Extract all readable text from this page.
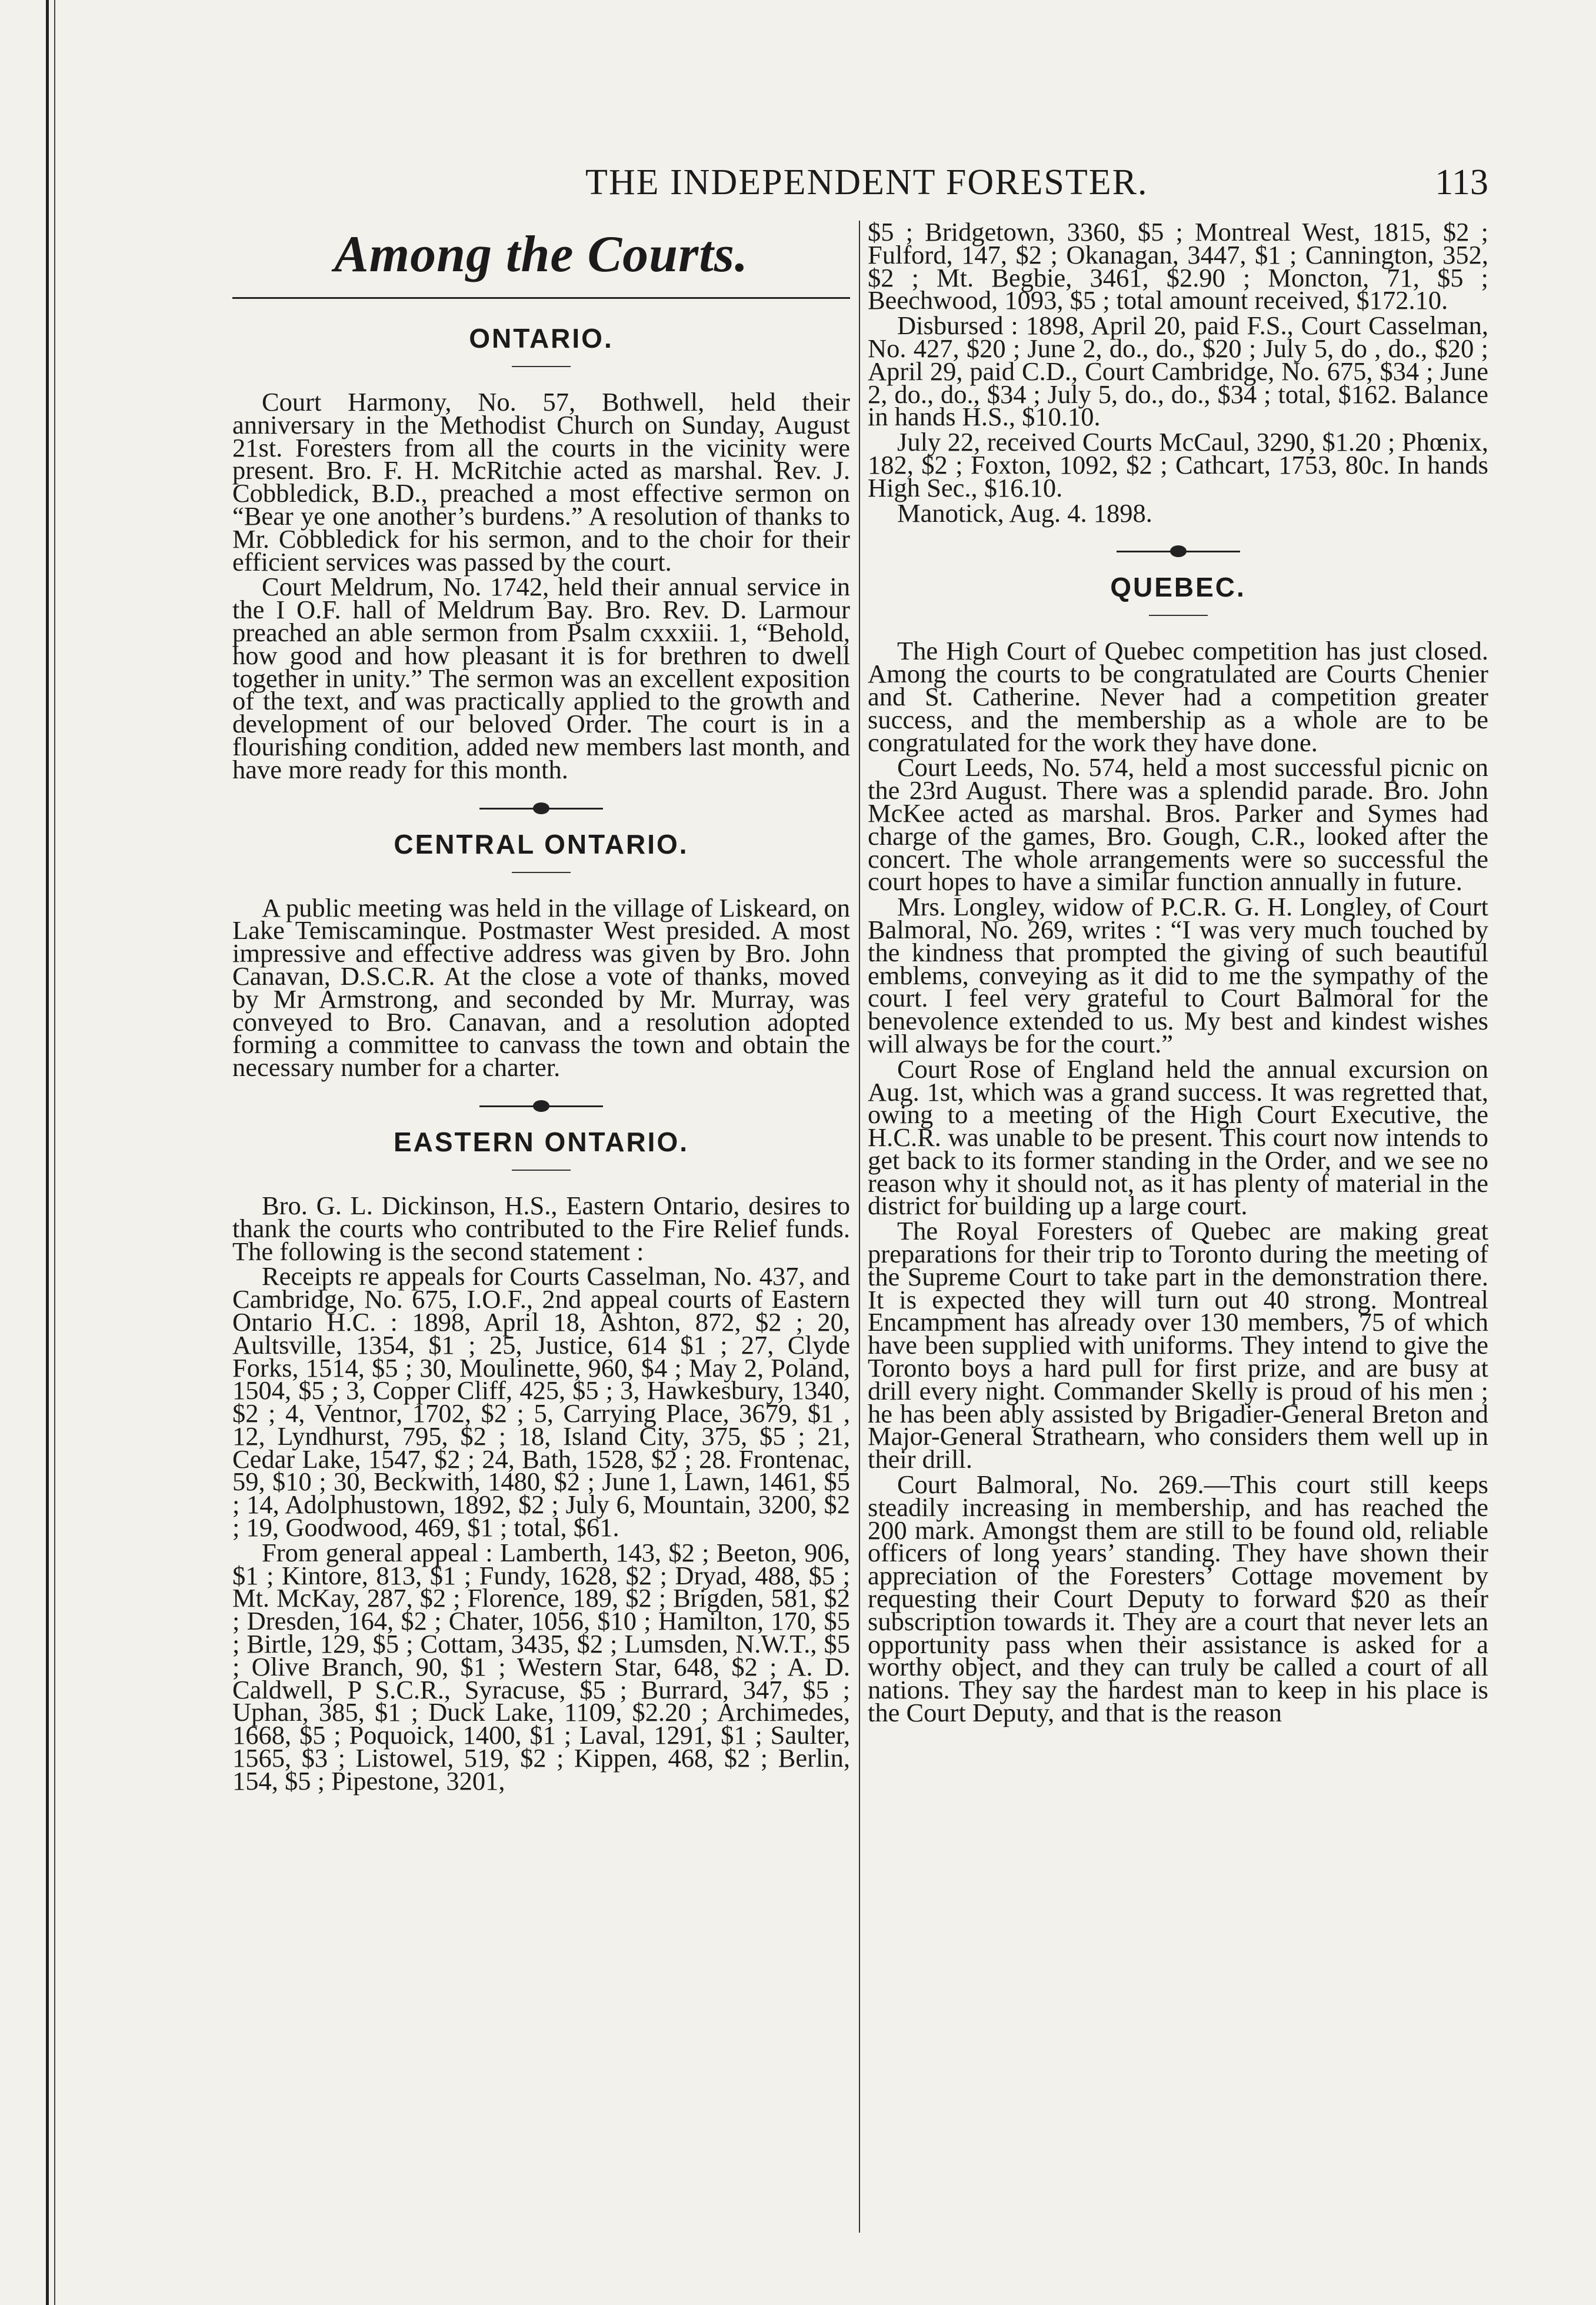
THE INDEPENDENT FORESTER.	113
Among the Courts.
ONTARIO.

Court Harmony, No. 57, Bothwell, held their anniversary in the Methodist Church on Sunday, August 21st. Foresters from all the courts in the vicinity were present. Bro. F. H. McRitchie acted as marshal. Rev. J. Cobbledick, B.D., preached a most effective sermon on “Bear ye one another’s burdens.” A resolution of thanks to Mr. Cobbledick for his sermon, and to the choir for their efficient services was passed by the court.

Court Meldrum, No. 1742, held their annual service in the I O.F. hall of Meldrum Bay. Bro. Rev. D. Larmour preached an able sermon from Psalm cxxxiii. 1, “Behold, how good and how pleasant it is for brethren to dwell together in unity.” The sermon was an excellent exposition of the text, and was practically applied to the growth and development of our beloved Order. The court is in a flourishing condition, added new members last month, and have more ready for this month.

CENTRAL ONTARIO.

A public meeting was held in the village of Liskeard, on Lake Temiscaminque. Postmaster West presided. A most impressive and effective address was given by Bro. John Canavan, D.S.C.R. At the close a vote of thanks, moved by Mr Armstrong, and seconded by Mr. Murray, was conveyed to Bro. Canavan, and a resolution adopted forming a committee to canvass the town and obtain the necessary number for a charter.

EASTERN ONTARIO.

Bro. G. L. Dickinson, H.S., Eastern Ontario, desires to thank the courts who contributed to the Fire Relief funds. The following is the second statement :

Receipts re appeals for Courts Casselman, No. 437, and Cambridge, No. 675, I.O.F., 2nd appeal courts of Eastern Ontario H.C. : 1898, April 18, Ashton, 872, $2 ; 20, Aultsville, 1354, $1 ; 25, Justice, 614 $1 ; 27, Clyde Forks, 1514, $5 ; 30, Moulinette, 960, $4 ; May 2, Poland, 1504, $5 ; 3, Copper Cliff, 425, $5 ; 3, Hawkesbury, 1340, $2 ; 4, Ventnor, 1702, $2 ; 5, Carrying Place, 3679, $1 , 12, Lyndhurst, 795, $2 ; 18, Island City, 375, $5 ; 21, Cedar Lake, 1547, $2 ; 24, Bath, 1528, $2 ; 28. Frontenac, 59, $10 ; 30, Beckwith, 1480, $2 ; June 1, Lawn, 1461, $5 ; 14, Adolphustown, 1892, $2 ; July 6, Mountain, 3200, $2 ; 19, Goodwood, 469, $1 ; total, $61.

From general appeal : Lamberth, 143, $2 ; Beeton, 906, $1 ; Kintore, 813, $1 ; Fundy, 1628, $2 ; Dryad, 488, $5 ; Mt. McKay, 287, $2 ; Florence, 189, $2 ; Brigden, 581, $2 ; Dresden, 164, $2 ; Chater, 1056, $10 ; Hamilton, 170, $5 ; Birtle, 129, $5 ; Cottam, 3435, $2 ; Lumsden, N.W.T., $5 ; Olive Branch, 90, $1 ; Western Star, 648, $2 ; A. D. Caldwell, P S.C.R., Syracuse, $5 ; Burrard, 347, $5 ; Uphan, 385, $1 ; Duck Lake, 1109, $2.20 ; Archimedes, 1668, $5 ; Poquoick, 1400, $1 ; Laval, 1291, $1 ; Saulter, 1565, $3 ; Listowel, 519, $2 ; Kippen, 468, $2 ; Berlin, 154, $5 ; Pipestone, 3201,

$5 ; Bridgetown, 3360, $5 ; Montreal West, 1815, $2 ; Fulford, 147, $2 ; Okanagan, 3447, $1 ; Cannington, 352, $2 ; Mt. Begbie, 3461, $2.90 ; Moncton, 71, $5 ; Beechwood, 1093, $5 ; total amount received, $172.10.

Disbursed : 1898, April 20, paid F.S., Court Casselman, No. 427, $20 ; June 2, do., do., $20 ; July 5, do , do., $20 ; April 29, paid C.D., Court Cambridge, No. 675, $34 ; June 2, do., do., $34 ; July 5, do., do., $34 ; total, $162. Balance in hands H.S., $10.10.

July 22, received Courts McCaul, 3290, $1.20 ; Phœnix, 182, $2 ; Foxton, 1092, $2 ; Cathcart, 1753, 80c. In hands High Sec., $16.10.

Manotick, Aug. 4. 1898.

QUEBEC.

The High Court of Quebec competition has just closed. Among the courts to be congratulated are Courts Chenier and St. Catherine. Never had a competition greater success, and the membership as a whole are to be congratulated for the work they have done.

Court Leeds, No. 574, held a most successful picnic on the 23rd August. There was a splendid parade. Bro. John McKee acted as marshal. Bros. Parker and Symes had charge of the games, Bro. Gough, C.R., looked after the concert. The whole arrangements were so successful the court hopes to have a similar function annually in future.

Mrs. Longley, widow of P.C.R. G. H. Longley, of Court Balmoral, No. 269, writes : “I was very much touched by the kindness that prompted the giving of such beautiful emblems, conveying as it did to me the sympathy of the court. I feel very grateful to Court Balmoral for the benevolence extended to us. My best and kindest wishes will always be for the court.”

Court Rose of England held the annual excursion on Aug. 1st, which was a grand success. It was regretted that, owing to a meeting of the High Court Executive, the H.C.R. was unable to be present. This court now intends to get back to its former standing in the Order, and we see no reason why it should not, as it has plenty of material in the district for building up a large court.

The Royal Foresters of Quebec are making great preparations for their trip to Toronto during the meeting of the Supreme Court to take part in the demonstration there. It is expected they will turn out 40 strong. Montreal Encampment has already over 130 members, 75 of which have been supplied with uniforms. They intend to give the Toronto boys a hard pull for first prize, and are busy at drill every night. Commander Skelly is proud of his men ; he has been ably assisted by Brigadier-General Breton and Major-General Strathearn, who considers them well up in their drill.

Court Balmoral, No. 269.—This court still keeps steadily increasing in membership, and has reached the 200 mark. Amongst them are still to be found old, reliable officers of long years’ standing. They have shown their appreciation of the Foresters’ Cottage movement by requesting their Court Deputy to forward $20 as their subscription towards it. They are a court that never lets an opportunity pass when their assistance is asked for a worthy object, and they can truly be called a court of all nations. They say the hardest man to keep in his place is the Court Deputy, and that is the reason
